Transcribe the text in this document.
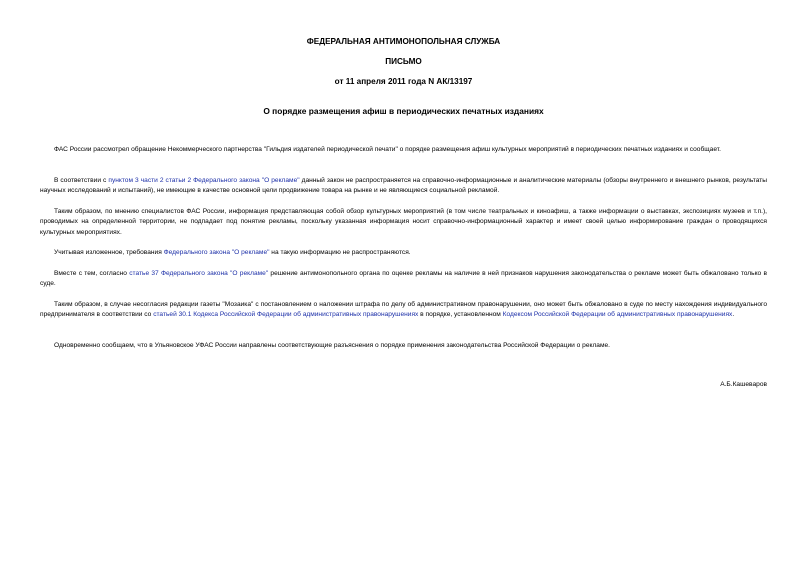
ФЕДЕРАЛЬНАЯ АНТИМОНОПОЛЬНАЯ СЛУЖБА
ПИСЬМО
от 11 апреля 2011 года N АК/13197
О порядке размещения афиш в периодических печатных изданиях

ФАС России рассмотрел обращение Некоммерческого партнерства "Гильдия издателей периодической печати" о порядке размещения афиш культурных мероприятий в периодических печатных изданиях и сообщает.

В соответствии с пунктом 3 части 2 статьи 2 Федерального закона "О рекламе" данный закон не распространяется на справочно-информационные и аналитические материалы (обзоры внутреннего и внешнего рынков, результаты научных исследований и испытаний), не имеющие в качестве основной цели продвижение товара на рынке и не являющиеся социальной рекламой.

Таким образом, по мнению специалистов ФАС России, информация представляющая собой обзор культурных мероприятий (в том числе театральных и киноафиш, а также информации о выставках, экспозициях музеев и т.п.), проводимых на определенной территории, не подпадает под понятие рекламы, поскольку указанная информация носит справочно-информационный характер и имеет своей целью информирование граждан о проводящихся культурных мероприятиях.

Учитывая изложенное, требования Федерального закона "О рекламе" на такую информацию не распространяются.

Вместе с тем, согласно статье 37 Федерального закона "О рекламе" решение антимонопольного органа по оценке рекламы на наличие в ней признаков нарушения законодательства о рекламе может быть обжаловано только в суде.

Таким образом, в случае несогласия редакции газеты "Мозаика" с постановлением о наложении штрафа по делу об административном правонарушении, оно может быть обжаловано в суде по месту нахождения индивидуального предпринимателя в соответствии со статьей 30.1 Кодекса Российской Федерации об административных правонарушениях в порядке, установленном Кодексом Российской Федерации об административных правонарушениях.

Одновременно сообщаем, что в Ульяновское УФАС России направлены соответствующие разъяснения о порядке применения законодательства Российской Федерации о рекламе.

А.Б.Кашеваров
